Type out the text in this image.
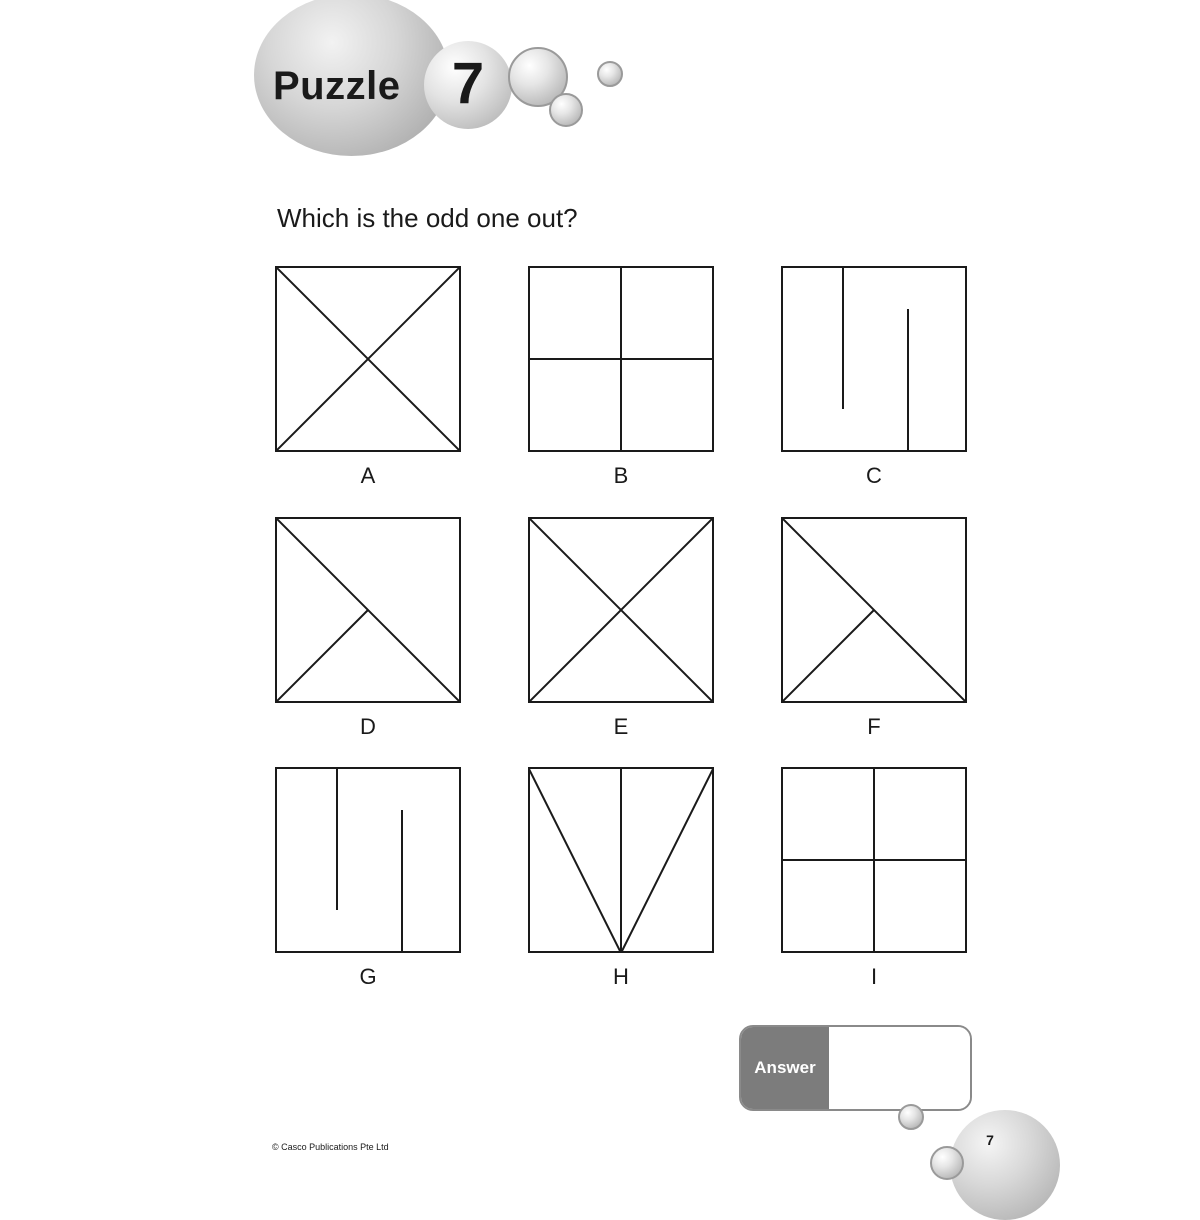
Puzzle 7
Which is the odd one out?
A	B	C
D	E	F
G	H	I
Answer
© Casco Publications Pte Ltd	7
